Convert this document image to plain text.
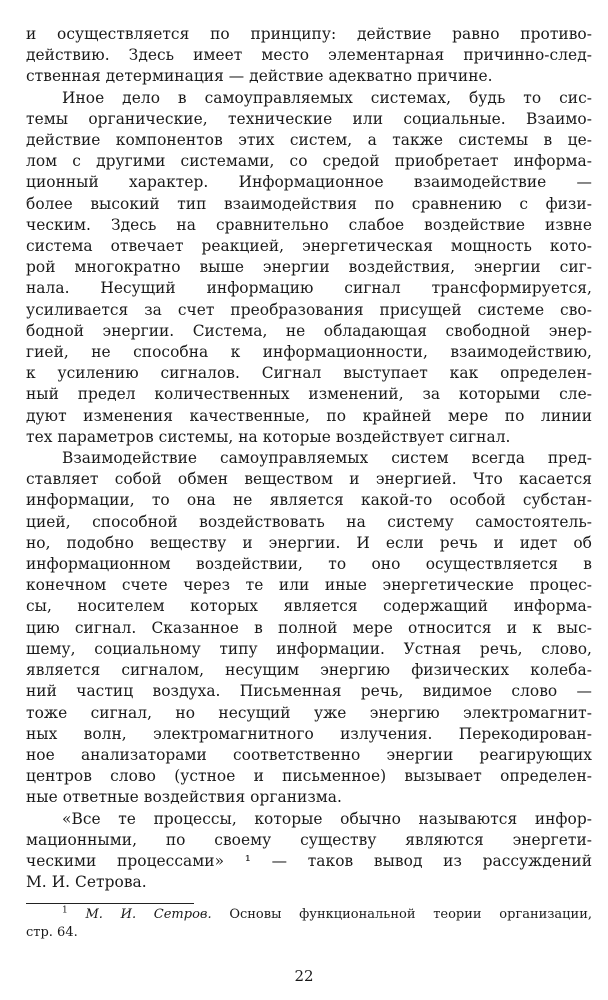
и осуществляется по принципу: действие равно противо-
действию. Здесь имеет место элементарная причинно-след-
ственная детерминация — действие адекватно причине.
Иное дело в самоуправляемых системах, будь то сис-
темы органические, технические или социальные. Взаимо-
действие компонентов этих систем, а также системы в це-
лом с другими системами, со средой приобретает информа-
ционный характер. Информационное взаимодействие —
более высокий тип взаимодействия по сравнению с физи-
ческим. Здесь на сравнительно слабое воздействие извне
система отвечает реакцией, энергетическая мощность кото-
рой многократно выше энергии воздействия, энергии сиг-
нала. Несущий информацию сигнал трансформируется,
усиливается за счет преобразования присущей системе сво-
бодной энергии. Система, не обладающая свободной энер-
гией, не способна к информационности, взаимодействию,
к усилению сигналов. Сигнал выступает как определен-
ный предел количественных изменений, за которыми сле-
дуют изменения качественные, по крайней мере по линии
тех параметров системы, на которые воздействует сигнал.
Взаимодействие самоуправляемых систем всегда пред-
ставляет собой обмен веществом и энергией. Что касается
информации, то она не является какой-то особой субстан-
цией, способной воздействовать на систему самостоятель-
но, подобно веществу и энергии. И если речь и идет об
информационном воздействии, то оно осуществляется в
конечном счете через те или иные энергетические процес-
сы, носителем которых является содержащий информа-
цию сигнал. Сказанное в полной мере относится и к выс-
шему, социальному типу информации. Устная речь, слово,
является сигналом, несущим энергию физических колеба-
ний частиц воздуха. Письменная речь, видимое слово —
тоже сигнал, но несущий уже энергию электромагнит-
ных волн, электромагнитного излучения. Перекодирован-
ное анализаторами соответственно энергии реагирующих
центров слово (устное и письменное) вызывает определен-
ные ответные воздействия организма.
«Все те процессы, которые обычно называются инфор-
мационными, по своему существу являются энергети-
ческими процессами» ¹ — таков вывод из рассуждений
М. И. Сетрова.
$^1$ М. И. Сетров. Основы функциональной теории организации,
стр. 64.
22
